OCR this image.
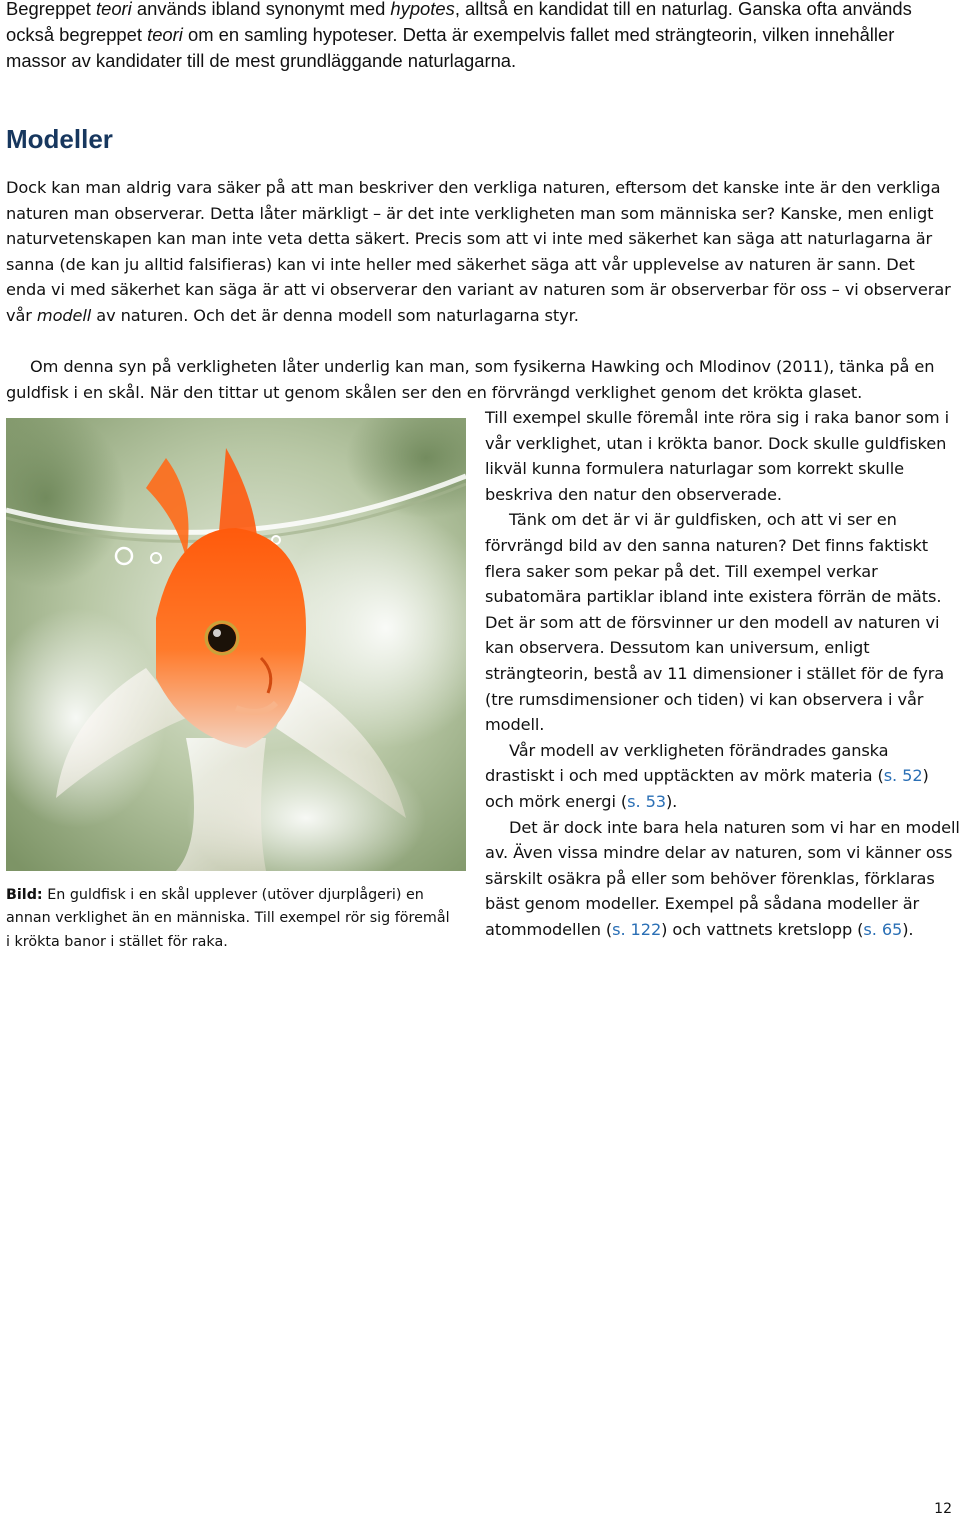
Begreppet teori används ibland synonymt med hypotes, alltså en kandidat till en naturlag. Ganska ofta används också begreppet teori om en samling hypoteser. Detta är exempelvis fallet med strängteorin, vilken innehåller massor av kandidater till de mest grundläggande naturlagarna.

Modeller

Dock kan man aldrig vara säker på att man beskriver den verkliga naturen, eftersom det kanske inte är den verkliga naturen man observerar. Detta låter märkligt – är det inte verkligheten man som människa ser? Kanske, men enligt naturvetenskapen kan man inte veta detta säkert. Precis som att vi inte med säkerhet kan säga att naturlagarna är sanna (de kan ju alltid falsifieras) kan vi inte heller med säkerhet säga att vår upplevelse av naturen är sann. Det enda vi med säkerhet kan säga är att vi observerar den variant av naturen som är observerbar för oss – vi observerar vår modell av naturen. Och det är denna modell som naturlagarna styr.

Om denna syn på verkligheten låter underlig kan man, som fysikerna Hawking och Mlodinov (2011), tänka på en guldfisk i en skål. När den tittar ut genom skålen ser den en förvrängd verklighet genom det krökta glaset.

Till exempel skulle föremål inte röra sig i raka banor som i vår verklighet, utan i krökta banor. Dock skulle guldfisken likväl kunna formulera naturlagar som korrekt skulle beskriva den natur den observerade.

Tänk om det är vi är guldfisken, och att vi ser en förvrängd bild av den sanna naturen? Det finns faktiskt flera saker som pekar på det. Till exempel verkar subatomära partiklar ibland inte existera förrän de mäts. Det är som att de försvinner ur den modell av naturen vi kan observera. Dessutom kan universum, enligt strängteorin, bestå av 11 dimensioner i stället för de fyra (tre rumsdimensioner och tiden) vi kan observera i vår modell.

Vår modell av verkligheten förändrades ganska drastiskt i och med upptäckten av mörk materia (s. 52) och mörk energi (s. 53).

Det är dock inte bara hela naturen som vi har en modell av. Även vissa mindre delar av naturen, som vi känner oss särskilt osäkra på eller som behöver förenklas, förklaras bäst genom modeller. Exempel på sådana modeller är atommodellen (s. 122) och vattnets kretslopp (s. 65).

Bild: En guldfisk i en skål upplever (utöver djurplågeri) en annan verklighet än en människa. Till exempel rör sig föremål i krökta banor i stället för raka.

12
